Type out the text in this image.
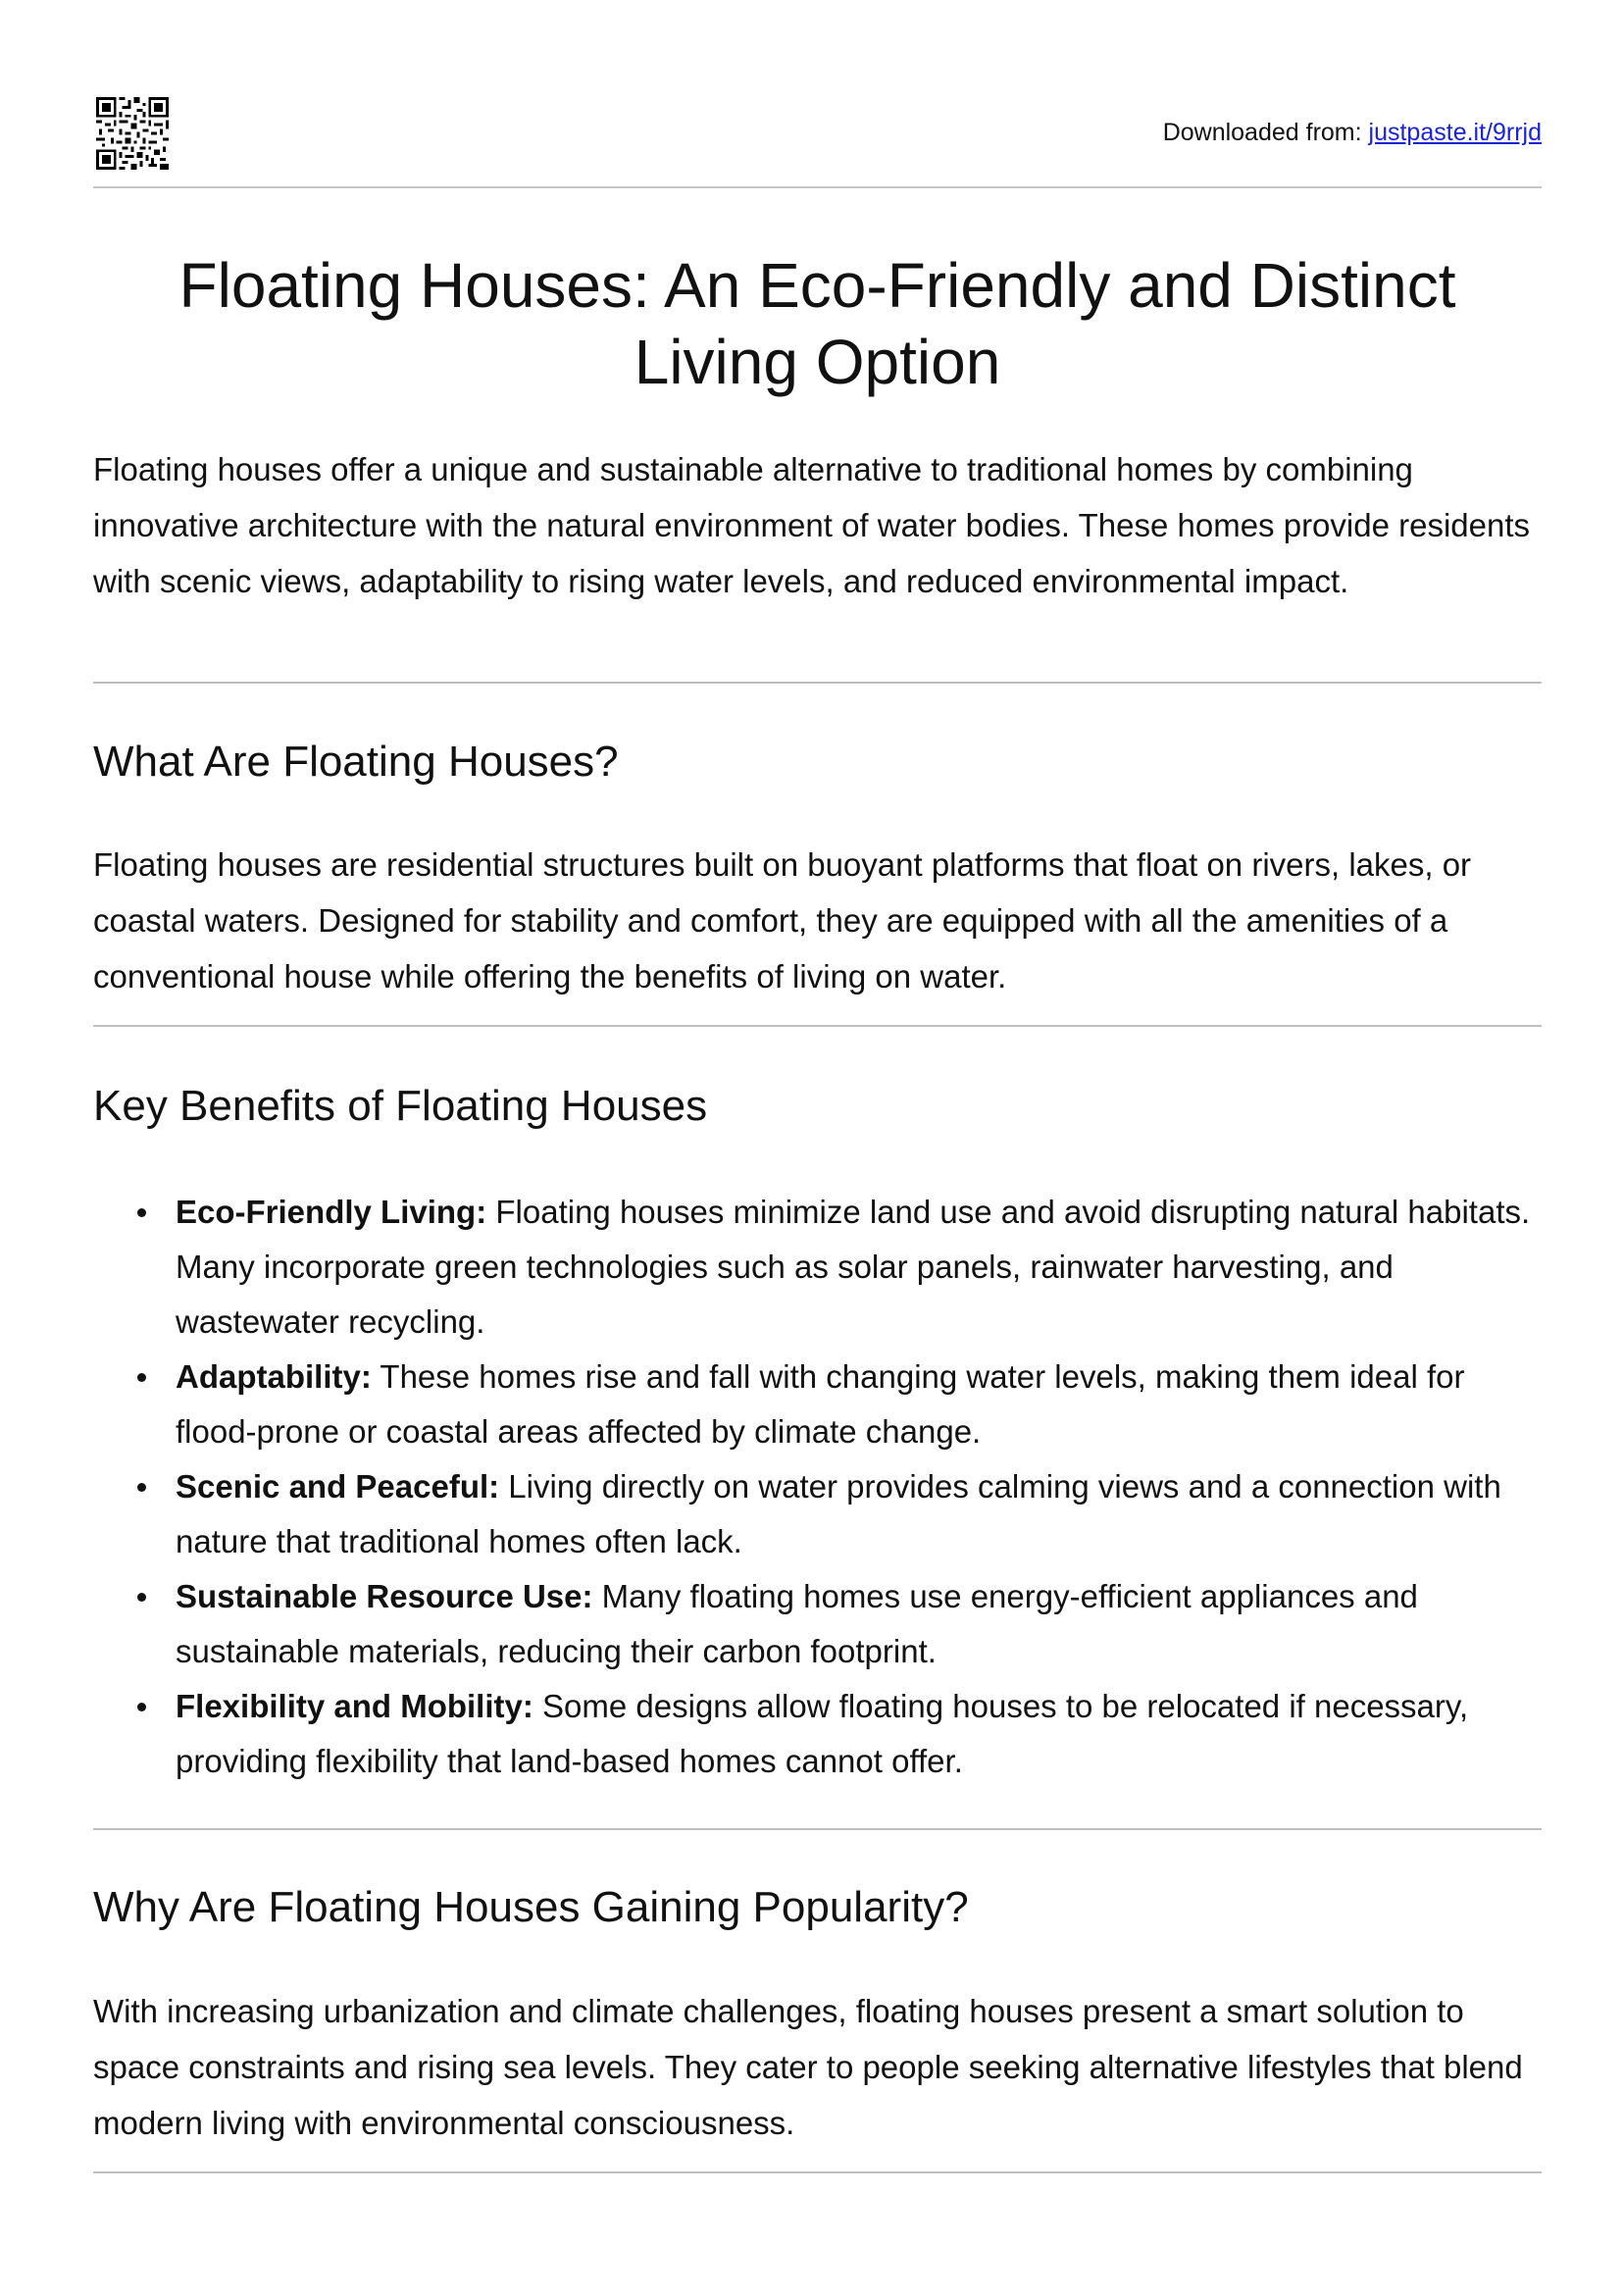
Downloaded from: justpaste.it/9rrjd
Floating Houses: An Eco-Friendly and Distinct Living Option

Floating houses offer a unique and sustainable alternative to traditional homes by combining innovative architecture with the natural environment of water bodies. These homes provide residents with scenic views, adaptability to rising water levels, and reduced environmental impact.

What Are Floating Houses?

Floating houses are residential structures built on buoyant platforms that float on rivers, lakes, or coastal waters. Designed for stability and comfort, they are equipped with all the amenities of a conventional house while offering the benefits of living on water.

Key Benefits of Floating Houses
Eco-Friendly Living: Floating houses minimize land use and avoid disrupting natural habitats. Many incorporate green technologies such as solar panels, rainwater harvesting, and wastewater recycling.
Adaptability: These homes rise and fall with changing water levels, making them ideal for flood-prone or coastal areas affected by climate change.
Scenic and Peaceful: Living directly on water provides calming views and a connection with nature that traditional homes often lack.
Sustainable Resource Use: Many floating homes use energy-efficient appliances and sustainable materials, reducing their carbon footprint.
Flexibility and Mobility: Some designs allow floating houses to be relocated if necessary, providing flexibility that land-based homes cannot offer.
Why Are Floating Houses Gaining Popularity?

With increasing urbanization and climate challenges, floating houses present a smart solution to space constraints and rising sea levels. They cater to people seeking alternative lifestyles that blend modern living with environmental consciousness.
